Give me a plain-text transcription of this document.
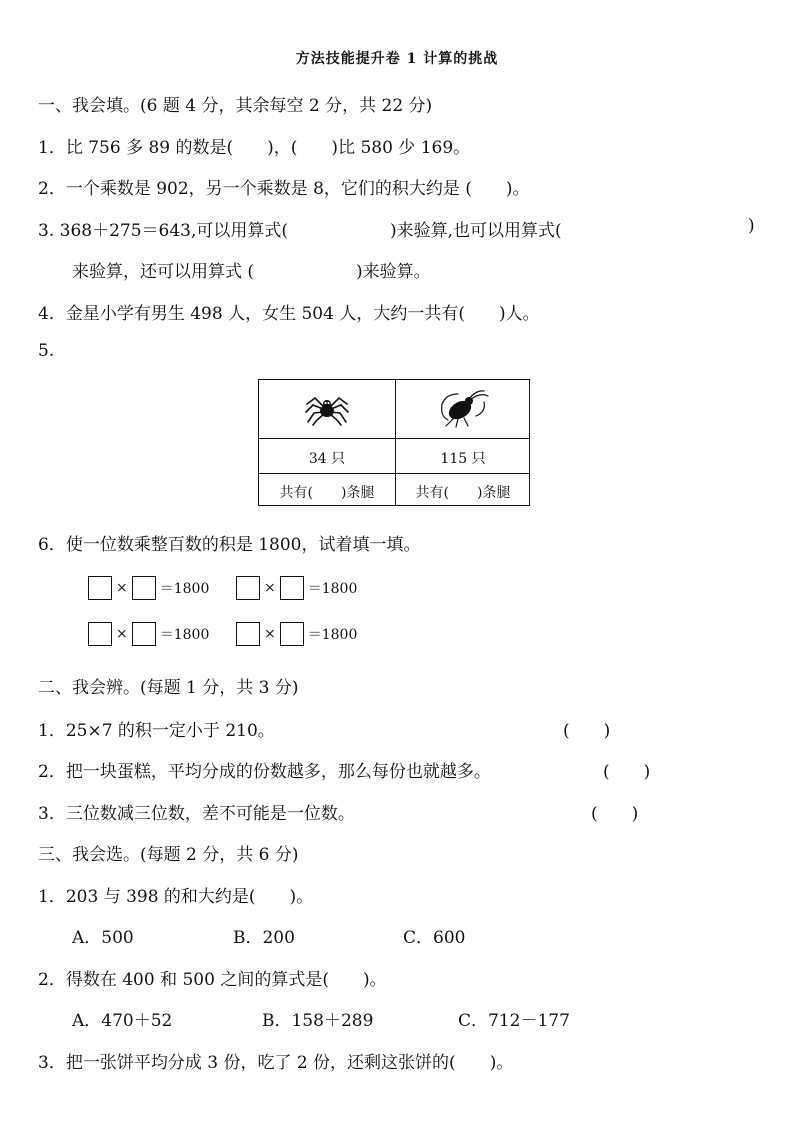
方法技能提升卷 1 计算的挑战
一、我会填。(6 题 4 分，其余每空 2 分，共 22 分)
1．比 756 多 89 的数是(　　)，(　　)比 580 少 169。
2．一个乘数是 902，另一个乘数是 8，它们的积大约是 (　　)。
3. 368＋275＝643,可以用算式(　　　　　　)来验算,也可以用算式(	)
来验算，还可以用算式 (　　　　　　)来验算。
4．金星小学有男生 498 人，女生 504 人，大约一共有(　　)人。
5.
34 只	115 只
共有(　　)条腿	共有(　　)条腿
6．使一位数乘整百数的积是 1800，试着填一填。
× ＝1800	× ＝1800
× ＝1800	× ＝1800
二、我会辨。(每题 1 分，共 3 分)
1．25×7 的积一定小于 210。	(　　)
2．把一块蛋糕，平均分成的份数越多，那么每份也就越多。	(　　)
3．三位数减三位数，差不可能是一位数。	(　　)
三、我会选。(每题 2 分，共 6 分)
1．203 与 398 的和大约是(　　)。
A．500	B．200	C．600
2．得数在 400 和 500 之间的算式是(　　)。
A．470＋52	B．158＋289	C．712－177
3．把一张饼平均分成 3 份，吃了 2 份，还剩这张饼的(　　)。
